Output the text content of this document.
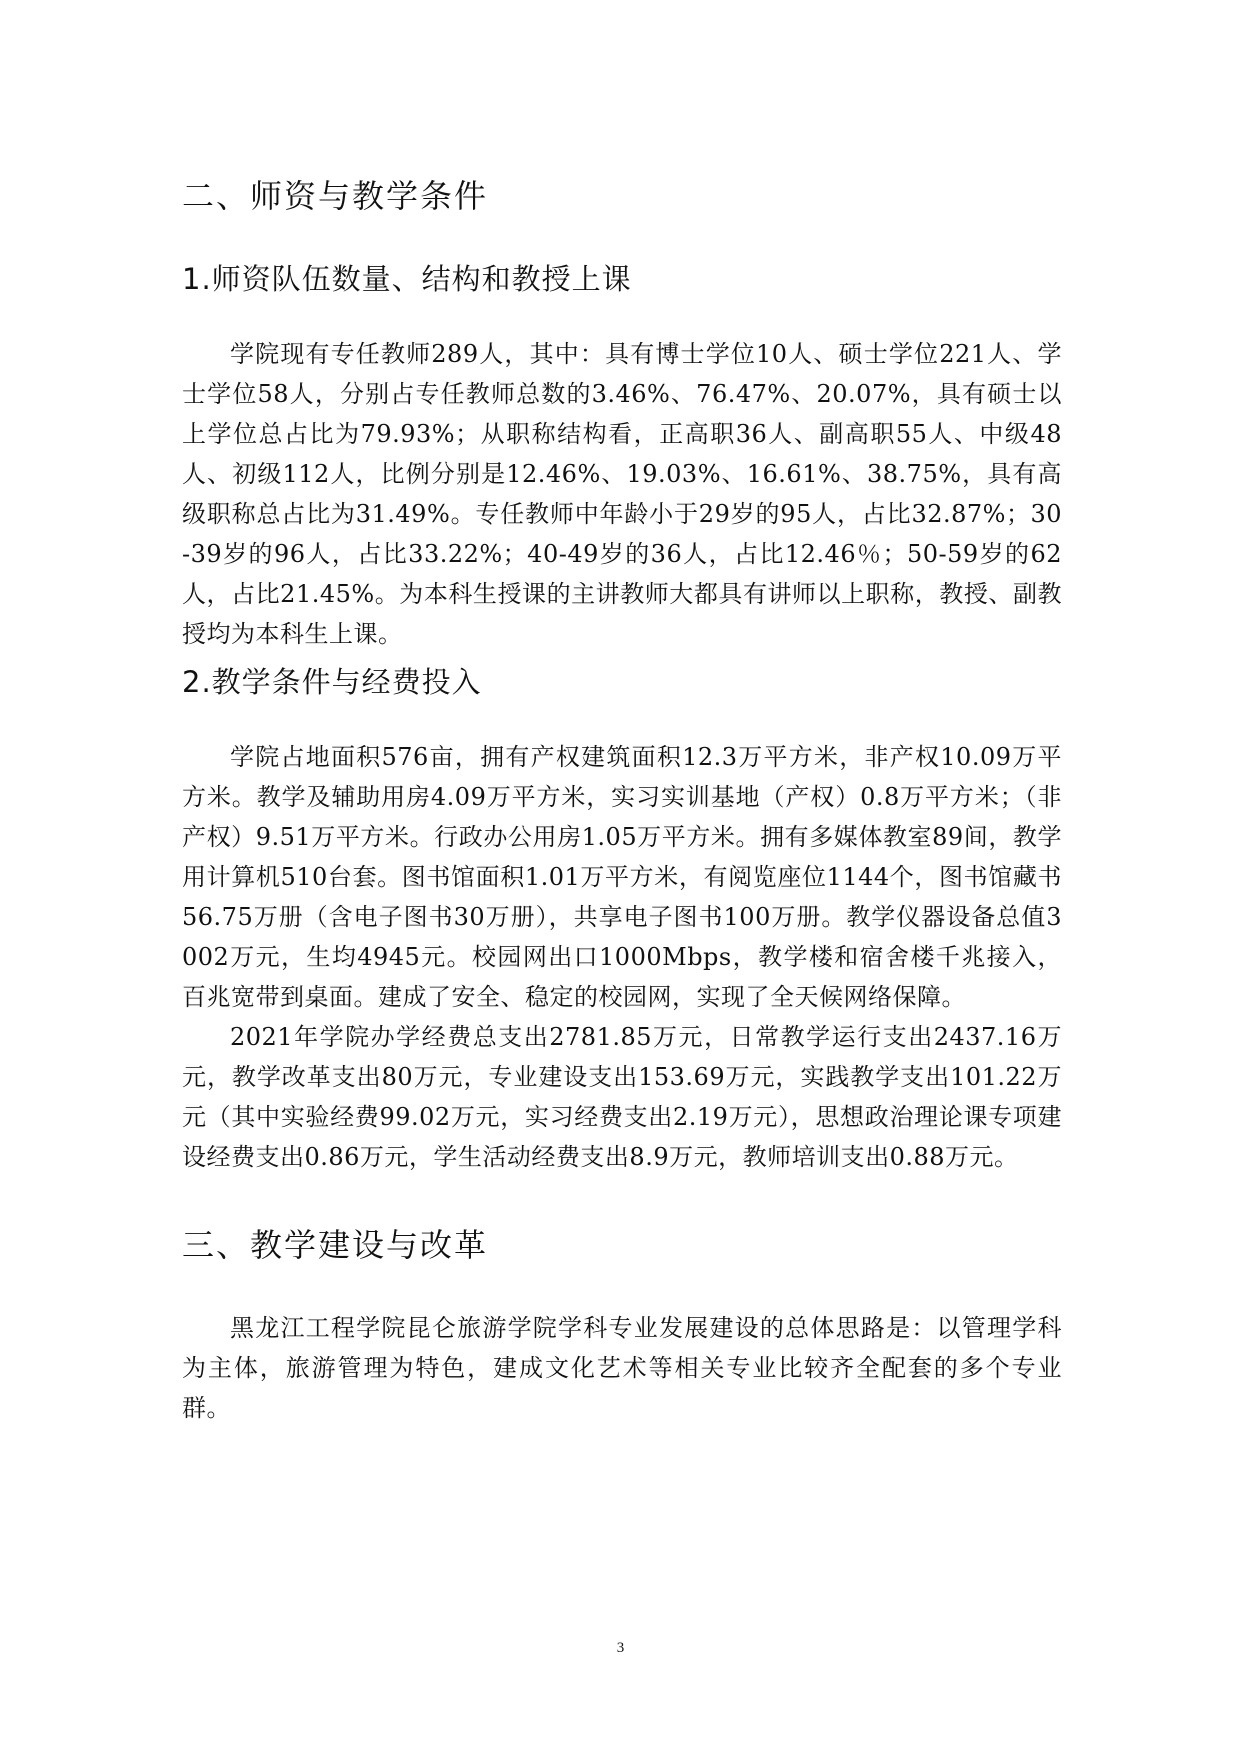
二、师资与教学条件
1.师资队伍数量、结构和教授上课

学院现有专任教师289人，其中：具有博士学位10人、硕士学位221人、学士学位58人，分别占专任教师总数的3.46%、76.47%、20.07%，具有硕士以上学位总占比为79.93%；从职称结构看，正高职36人、副高职55人、中级48人、初级112人，比例分别是12.46%、19.03%、16.61%、38.75%，具有高级职称总占比为31.49%。专任教师中年龄小于29岁的95人，占比32.87%；30-39岁的96人，占比33.22%；40-49岁的36人，占比12.46％；50-59岁的62人，占比21.45%。为本科生授课的主讲教师大都具有讲师以上职称，教授、副教授均为本科生上课。

2.教学条件与经费投入

学院占地面积576亩，拥有产权建筑面积12.3万平方米，非产权10.09万平方米。教学及辅助用房4.09万平方米，实习实训基地（产权）0.8万平方米；（非产权）9.51万平方米。行政办公用房1.05万平方米。拥有多媒体教室89间，教学用计算机510台套。图书馆面积1.01万平方米，有阅览座位1144个，图书馆藏书56.75万册（含电子图书30万册），共享电子图书100万册。教学仪器设备总值3002万元，生均4945元。校园网出口1000Mbps，教学楼和宿舍楼千兆接入，百兆宽带到桌面。建成了安全、稳定的校园网，实现了全天候网络保障。

2021年学院办学经费总支出2781.85万元，日常教学运行支出2437.16万元，教学改革支出80万元，专业建设支出153.69万元，实践教学支出101.22万元（其中实验经费99.02万元，实习经费支出2.19万元），思想政治理论课专项建设经费支出0.86万元，学生活动经费支出8.9万元，教师培训支出0.88万元。

三、教学建设与改革

黑龙江工程学院昆仑旅游学院学科专业发展建设的总体思路是：以管理学科为主体，旅游管理为特色，建成文化艺术等相关专业比较齐全配套的多个专业群。

3
